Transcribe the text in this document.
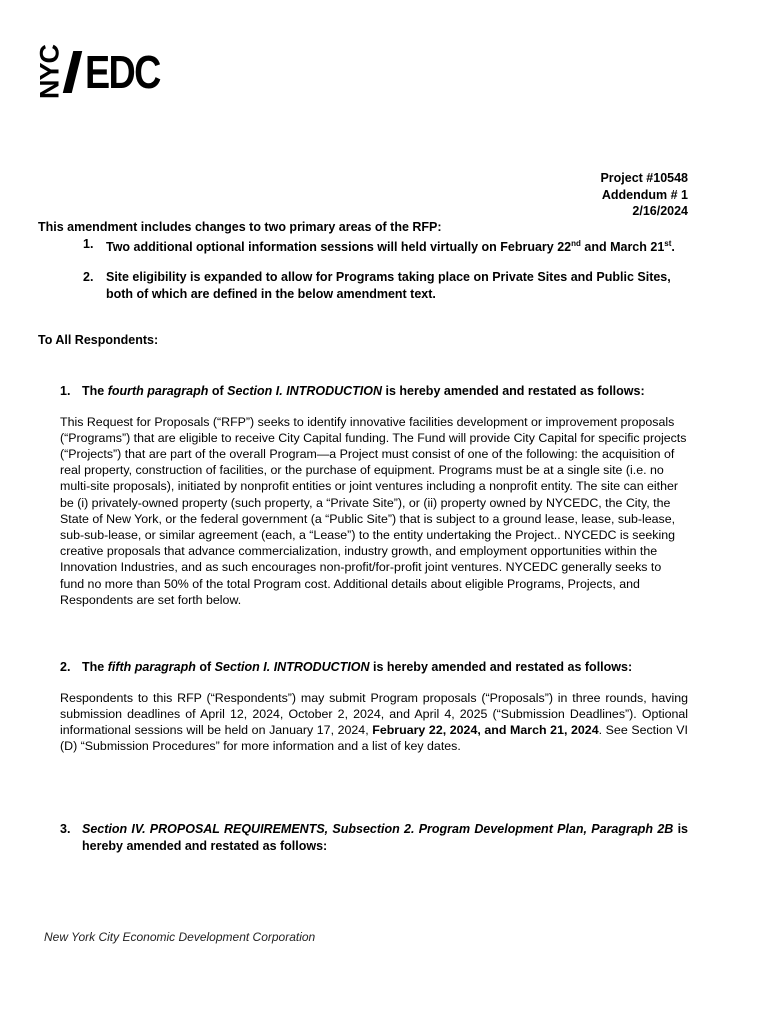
NYC EDC
Project #10548
Addendum # 1
2/16/2024
This amendment includes changes to two primary areas of the RFP:
1. Two additional optional information sessions will held virtually on February 22nd and March 21st.
2. Site eligibility is expanded to allow for Programs taking place on Private Sites and Public Sites, both of which are defined in the below amendment text.
To All Respondents:
1. The fourth paragraph of Section I. INTRODUCTION is hereby amended and restated as follows:
This Request for Proposals (“RFP”) seeks to identify innovative facilities development or improvement proposals (“Programs”) that are eligible to receive City Capital funding. The Fund will provide City Capital for specific projects (“Projects”) that are part of the overall Program—a Project must consist of one of the following: the acquisition of real property, construction of facilities, or the purchase of equipment. Programs must be at a single site (i.e. no multi-site proposals), initiated by nonprofit entities or joint ventures including a nonprofit entity. The site can either be (i) privately-owned property (such property, a “Private Site”), or (ii) property owned by NYCEDC, the City, the State of New York, or the federal government (a “Public Site”) that is subject to a ground lease, lease, sub-lease, sub-sub-lease, or similar agreement (each, a “Lease”) to the entity undertaking the Project.. NYCEDC is seeking creative proposals that advance commercialization, industry growth, and employment opportunities within the Innovation Industries, and as such encourages non-profit/for-profit joint ventures. NYCEDC generally seeks to fund no more than 50% of the total Program cost. Additional details about eligible Programs, Projects, and Respondents are set forth below.
2. The fifth paragraph of Section I. INTRODUCTION is hereby amended and restated as follows:
Respondents to this RFP (“Respondents”) may submit Program proposals (“Proposals”) in three rounds, having submission deadlines of April 12, 2024, October 2, 2024, and April 4, 2025 (“Submission Deadlines”). Optional informational sessions will be held on January 17, 2024, February 22, 2024, and March 21, 2024. See Section VI (D) “Submission Procedures” for more information and a list of key dates.
3. Section IV. PROPOSAL REQUIREMENTS, Subsection 2. Program Development Plan, Paragraph 2B is hereby amended and restated as follows:
New York City Economic Development Corporation
